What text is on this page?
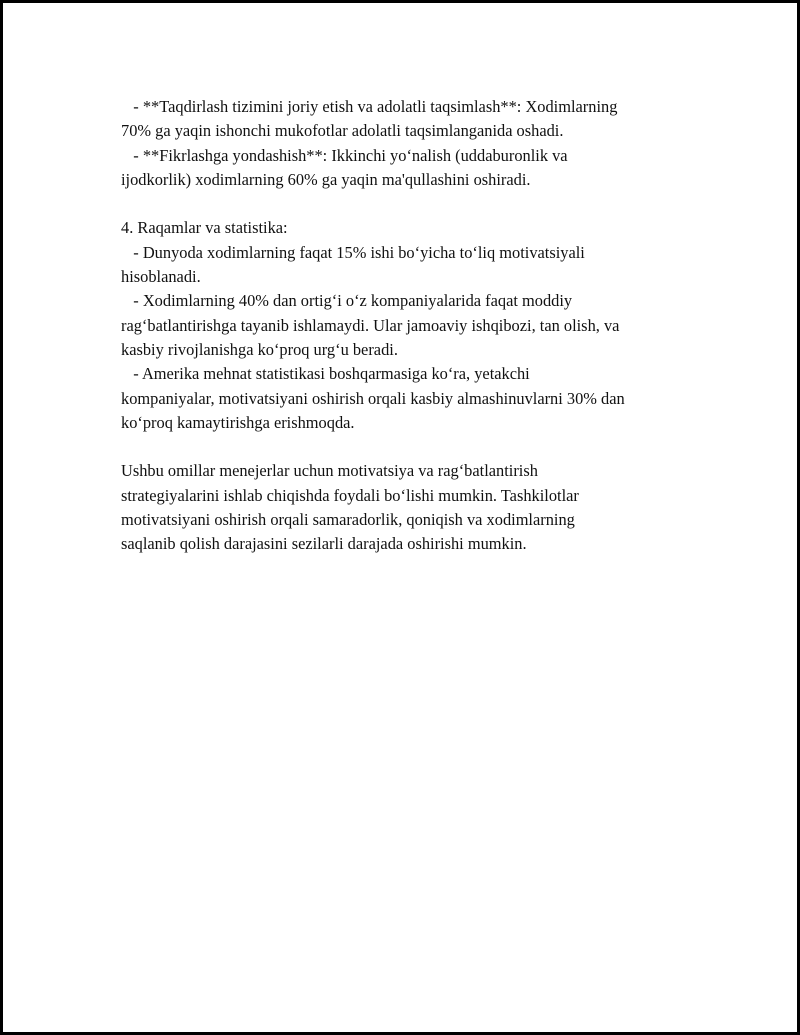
- **Taqdirlash tizimini joriy etish va adolatli taqsimlash**: Xodimlarning
70% ga yaqin ishonchi mukofotlar adolatli taqsimlanganida oshadi.
- **Fikrlashga yondashish**: Ikkinchi yo‘nalish (uddaburonlik va
ijodkorlik) xodimlarning 60% ga yaqin ma'qullashini oshiradi.
4. Raqamlar va statistika:
- Dunyoda xodimlarning faqat 15% ishi bo‘yicha to‘liq motivatsiyali
hisoblanadi.
- Xodimlarning 40% dan ortig‘i o‘z kompaniyalarida faqat moddiy
rag‘batlantirishga tayanib ishlamaydi. Ular jamoaviy ishqibozi, tan olish, va
kasbiy rivojlanishga ko‘proq urg‘u beradi.
- Amerika mehnat statistikasi boshqarmasiga ko‘ra, yetakchi
kompaniyalar, motivatsiyani oshirish orqali kasbiy almashinuvlarni 30% dan
ko‘proq kamaytirishga erishmoqda.
Ushbu omillar menejerlar uchun motivatsiya va rag‘batlantirish
strategiyalarini ishlab chiqishda foydali bo‘lishi mumkin. Tashkilotlar
motivatsiyani oshirish orqali samaradorlik, qoniqish va xodimlarning
saqlanib qolish darajasini sezilarli darajada oshirishi mumkin.
